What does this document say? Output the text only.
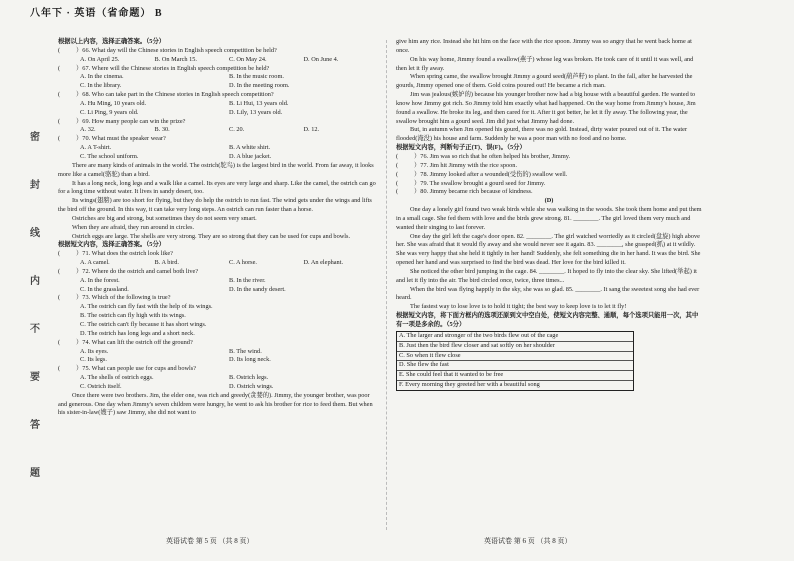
八年下 · 英语（省命题） B
密
封
线
内
不
要
答
题

根据以上内容，选择正确答案。（5分）

(	）66. What day will the Chinese stories in English speech competition be held?
A. On April 25.	B. On March 15.	C. On May 24.	D. On June 4.
(	）67. Where will the Chinese stories in English speech competition be held?
A. In the cinema.	B. In the music room.
C. In the library.	D. In the meeting room.
(	）68. Who can take part in the Chinese stories in English speech competition?
A. Hu Ming, 10 years old.	B. Li Hui, 13 years old.
C. Li Ping, 9 years old.	D. Lily, 13 years old.
(	）69. How many people can win the prize?
A. 32.	B. 30.	C. 20.	D. 12.
(	）70. What must the speaker wear?
A. A T-shirt.	B. A white shirt.
C. The school uniform.	D. A blue jacket.

There are many kinds of animals in the world. The ostrich(鸵鸟) is the largest bird in the world. From far away, it looks more like a camel(骆驼) than a bird.

It has a long neck, long legs and a walk like a camel. Its eyes are very large and sharp. Like the camel, the ostrich can go for a long time without water. It lives in sandy desert, too.

Its wings(翅膀) are too short for flying, but they do help the ostrich to run fast. The wind gets under the wings and lifts the bird off the ground. In this way, it can take very long steps. An ostrich can run faster than a horse.

Ostriches are big and strong, but sometimes they do not seem very smart.

When they are afraid, they run around in circles.

Ostrich eggs are large. The shells are very strong. They are so strong that they can be used for cups and bowls.

根据短文内容，选择正确答案。（5分）

(	）71. What does the ostrich look like?
A. A camel.	B. A bird.	C. A horse.	D. An elephant.
(	）72. Where do the ostrich and camel both live?
A. In the forest.	B. In the river.
C. In the grassland.	D. In the sandy desert.
(	）73. Which of the following is true?
A. The ostrich can fly fast with the help of its wings.
B. The ostrich can fly high with its wings.
C. The ostrich can't fly because it has short wings.
D. The ostrich has long legs and a short neck.
(	）74. What can lift the ostrich off the ground?
A. Its eyes.	B. The wind.
C. Its legs.	D. Its long neck.
(	）75. What can people use for cups and bowls?
A. The shells of ostrich eggs.	B. Ostrich legs.
C. Ostrich itself.	D. Ostrich wings.

Once there were two brothers. Jim, the elder one, was rich and greedy(贪婪的). Jimmy, the younger brother, was poor and generous. One day when Jimmy's seven children were hungry, he went to ask his brother for rice to feed them. But when his sister-in-law(嫂子) saw Jimmy, she did not want to

give him any rice. Instead she hit him on the face with the rice spoon. Jimmy was so angry that he went back home at once.

On his way home, Jimmy found a swallow(燕子) whose leg was broken. He took care of it until it was well, and then let it fly away.

When spring came, the swallow brought Jimmy a gourd seed(葫芦籽) to plant. In the fall, after he harvested the gourds, Jimmy opened one of them. Gold coins poured out! He became a rich man.

Jim was jealous(嫉妒的) because his younger brother now had a big house with a beautiful garden. He wanted to know how Jimmy got rich. So Jimmy told him exactly what had happened. On the way home from Jimmy's house, Jim found a swallow. He broke its leg, and then cared for it. After it got better, he let it fly away. The following year, the swallow brought him a gourd seed. Jim did just what Jimmy had done.

But, in autumn when Jim opened his gourd, there was no gold. Instead, dirty water poured out of it. The water flooded(淹没) his house and farm. Suddenly he was a poor man with no food and no home.

根据短文内容，判断句子正(T)、误(F)。（5分）

(	）76. Jim was so rich that he often helped his brother, Jimmy.
(	）77. Jim hit Jimmy with the rice spoon.
(	）78. Jimmy looked after a wounded(受伤的) swallow well.
(	）79. The swallow brought a gourd seed for Jimmy.
(	）80. Jimmy became rich because of kindness.

(D)

One day a lonely girl found two weak birds while she was walking in the woods. She took them home and put them in a small cage. She fed them with love and the birds grew strong. 81. ________. The girl loved them very much and wanted their singing to last forever.

One day the girl left the cage's door open. 82. ________. The girl watched worriedly as it circled(盘旋) high above her. She was afraid that it would fly away and she would never see it again. 83. ________, she grasped(抓) at it wildly. She was very happy that she held it tightly in her hand! Suddenly, she felt something die in her hand. It was the bird. She opened her hand and was surprised to find the bird was dead. Her love for the bird killed it.

She noticed the other bird jumping in the cage. 84. ________. It hoped to fly into the clear sky. She lifted(举起) it and let it fly into the air. The bird circled once, twice, three times...

When the bird was flying happily in the sky, she was so glad. 85. ________. It sang the sweetest song she had ever heard.

The fastest way to lose love is to hold it tight; the best way to keep love is to let it fly!

根据短文内容，将下面方框内的选项还原到文中空白处，使短文内容完整、通顺，每个选项只能用一次，其中有一项是多余的。（5分）

A. The larger and stronger of the two birds flew out of the cage
B. Just then the bird flew closer and sat softly on her shoulder
C. So when it flew close
D. She flew the fast
E. She could feel that it wanted to be free
F. Every morning they greeted her with a beautiful song
英语试卷 第 5 页 （共 8 页）	英语试卷 第 6 页 （共 8 页）
